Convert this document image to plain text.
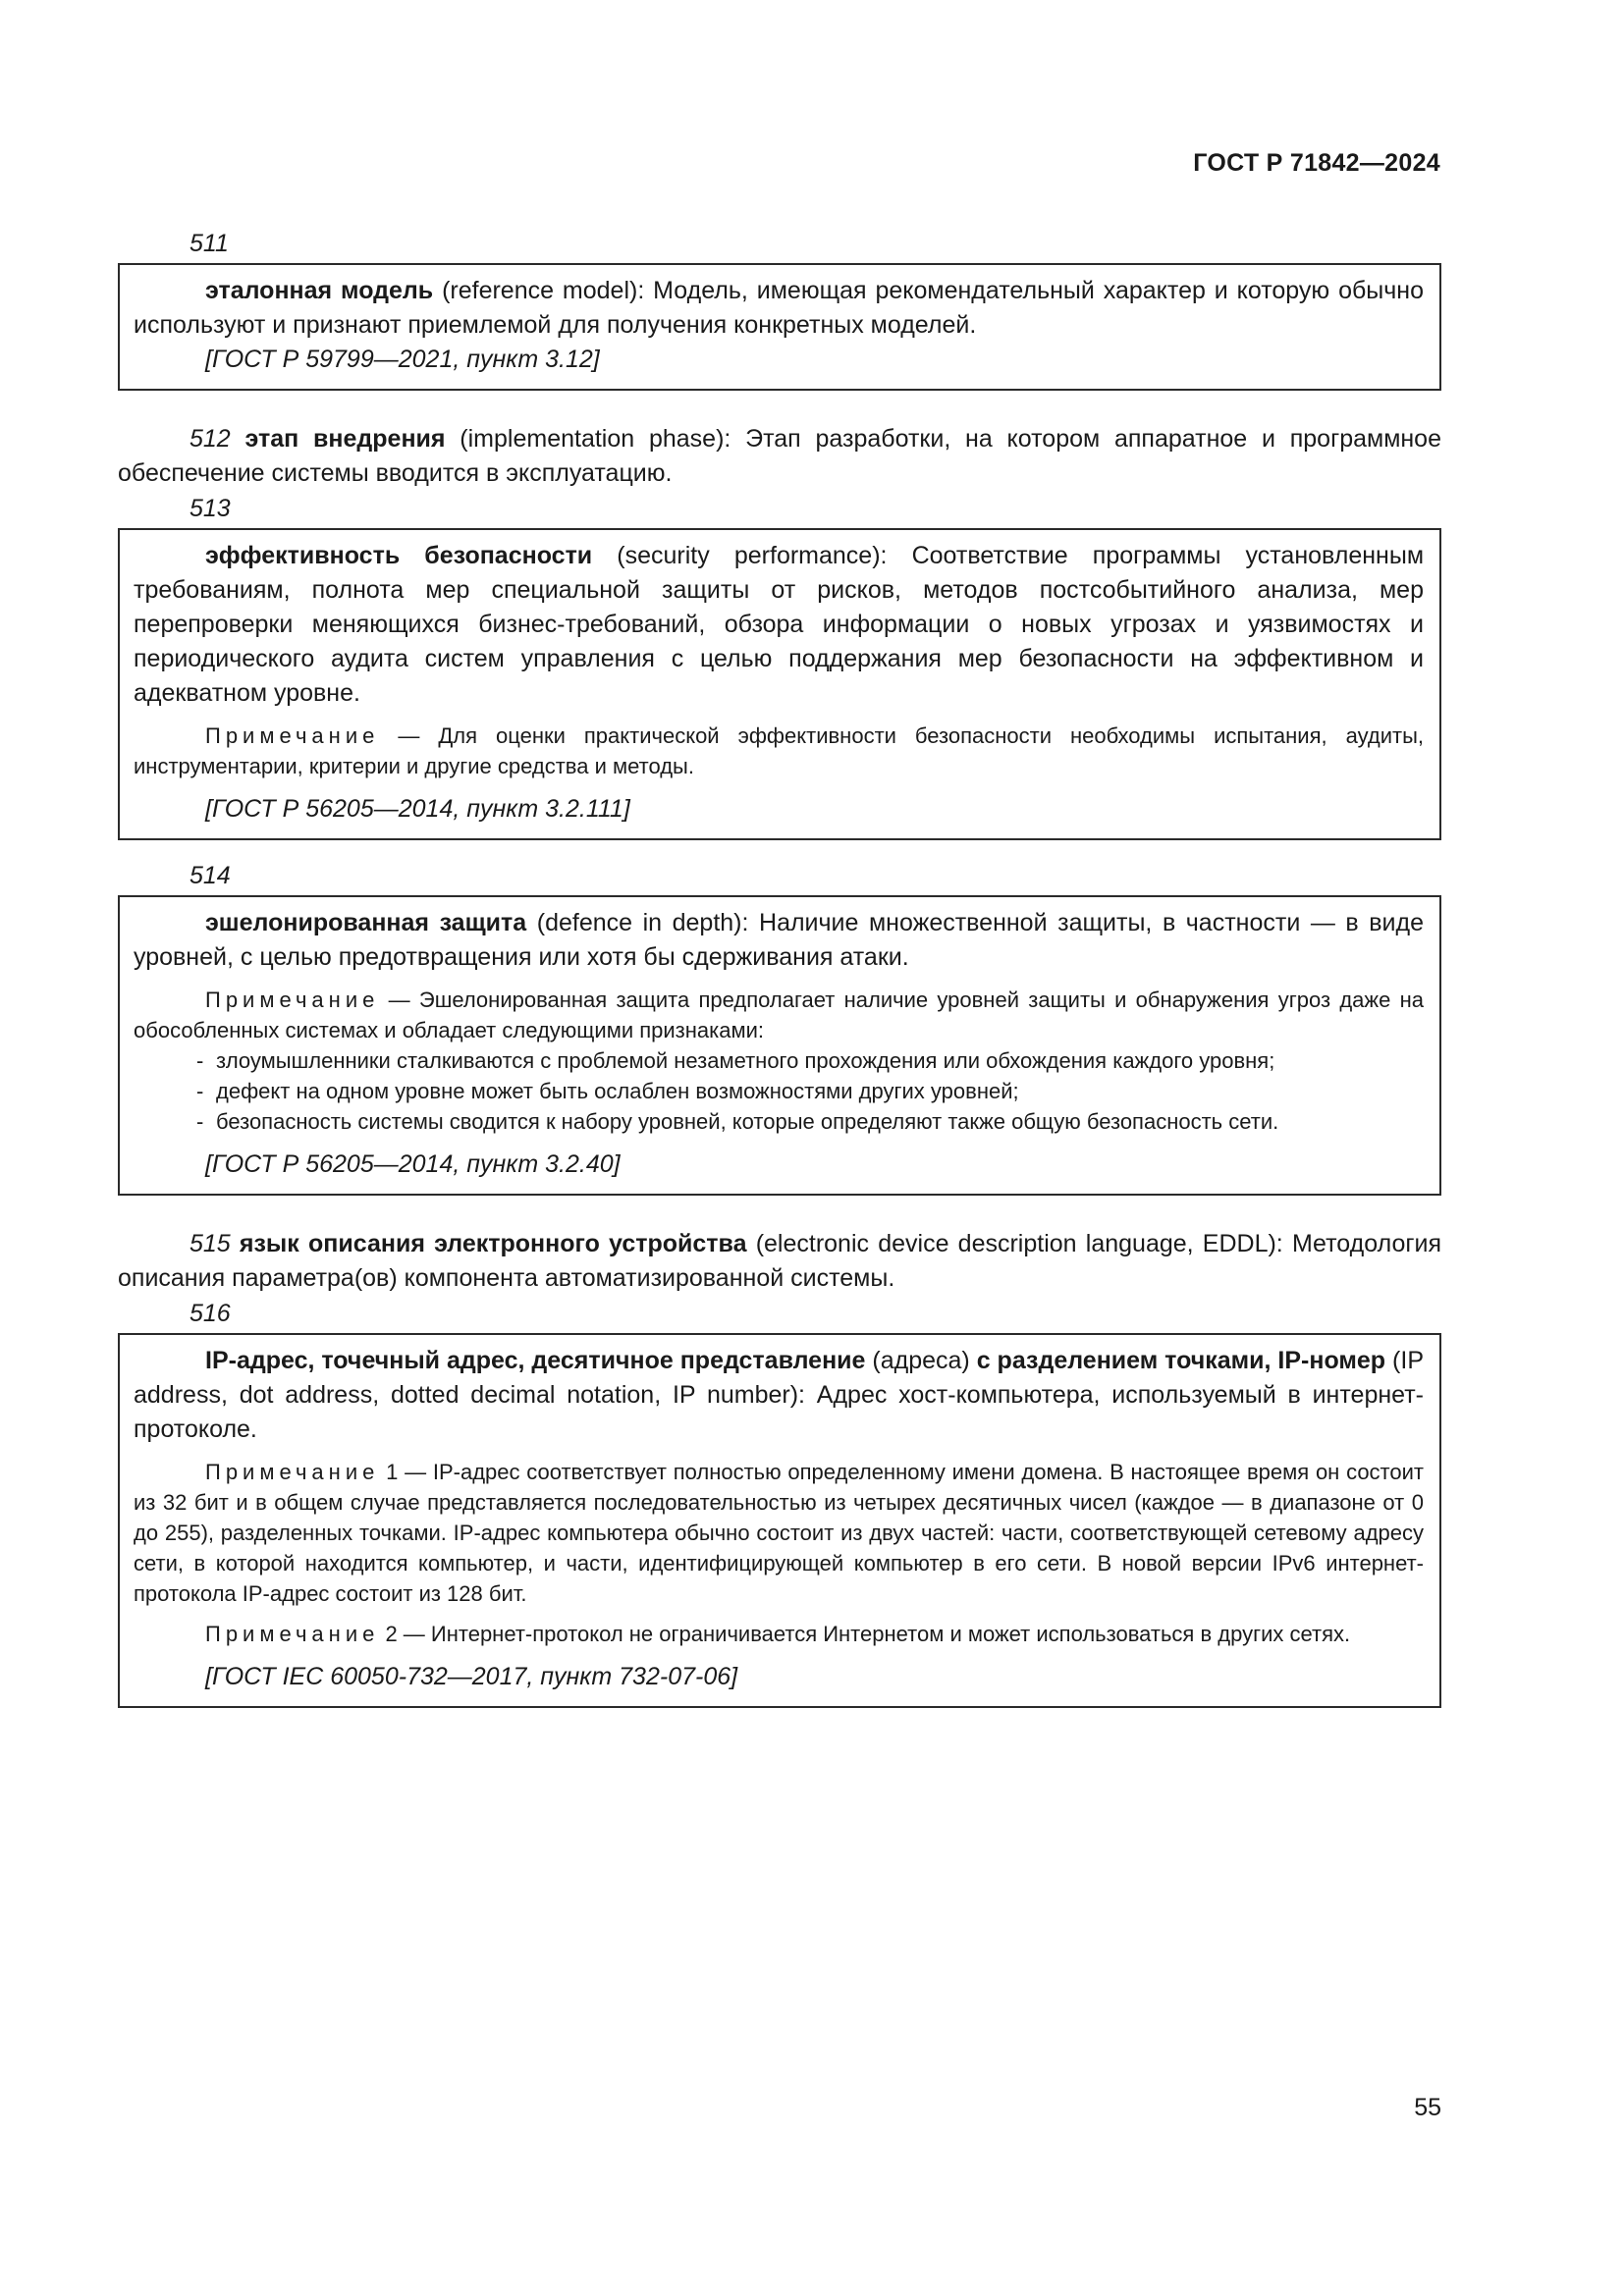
ГОСТ Р 71842—2024
511

эталонная модель (reference model): Модель, имеющая рекомендательный характер и которую обычно используют и признают приемлемой для получения конкретных моделей.

[ГОСТ Р 59799—2021, пункт 3.12]

512 этап внедрения (implementation phase): Этап разработки, на котором аппаратное и программное обеспечение системы вводится в эксплуатацию.

513

эффективность безопасности (security performance): Соответствие программы установленным требованиям, полнота мер специальной защиты от рисков, методов постсобытийного анализа, мер перепроверки меняющихся бизнес-требований, обзора информации о новых угрозах и уязвимостях и периодического аудита систем управления с целью поддержания мер безопасности на эффективном и адекватном уровне.

Примечание — Для оценки практической эффективности безопасности необходимы испытания, аудиты, инструментарии, критерии и другие средства и методы.

[ГОСТ Р 56205—2014, пункт 3.2.111]
514

эшелонированная защита (defence in depth): Наличие множественной защиты, в частности — в виде уровней, с целью предотвращения или хотя бы сдерживания атаки.

Примечание — Эшелонированная защита предполагает наличие уровней защиты и обнаружения угроз даже на обособленных системах и обладает следующими признаками:

- злоумышленники сталкиваются с проблемой незаметного прохождения или обхождения каждого уровня;
- дефект на одном уровне может быть ослаблен возможностями других уровней;
- безопасность системы сводится к набору уровней, которые определяют также общую безопасность сети.
[ГОСТ Р 56205—2014, пункт 3.2.40]

515 язык описания электронного устройства (electronic device description language, EDDL): Методология описания параметра(ов) компонента автоматизированной системы.

516

IP-адрес, точечный адрес, десятичное представление (адреса) с разделением точками, IP-номер (IP address, dot address, dotted decimal notation, IP number): Адрес хост-компьютера, используемый в интернет-протоколе.

Примечание 1 — IP-адрес соответствует полностью определенному имени домена. В настоящее время он состоит из 32 бит и в общем случае представляется последовательностью из четырех десятичных чисел (каждое — в диапазоне от 0 до 255), разделенных точками. IP-адрес компьютера обычно состоит из двух частей: части, соответствующей сетевому адресу сети, в которой находится компьютер, и части, идентифицирующей компьютер в его сети. В новой версии IPv6 интернет-протокола IP-адрес состоит из 128 бит.

Примечание 2 — Интернет-протокол не ограничивается Интернетом и может использоваться в других сетях.

[ГОСТ IEC 60050-732—2017, пункт 732-07-06]
55
